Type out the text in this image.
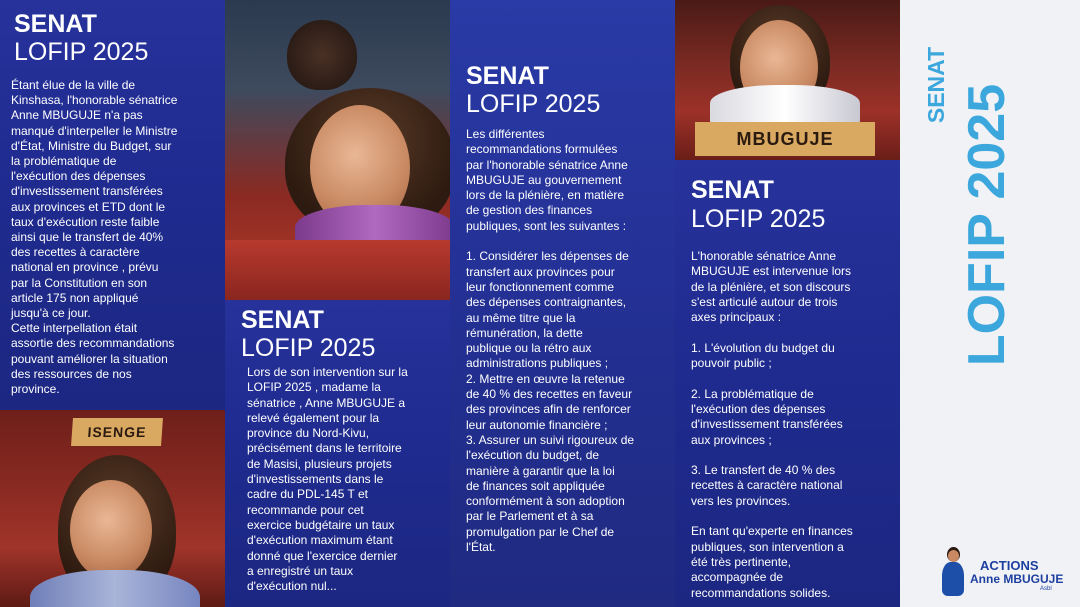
SENAT
LOFIP 2025
Étant élue de la ville de
Kinshasa, l'honorable sénatrice
Anne MBUGUJE n'a pas
manqué d'interpeller le Ministre
d'État, Ministre du Budget, sur
la problématique de
l'exécution des dépenses
d'investissement transférées
aux provinces et ETD dont le
taux d'exécution reste faible
ainsi que le transfert de 40%
des recettes à caractère
national en province , prévu
par la Constitution en son
article 175 non appliqué
jusqu'à ce jour.
Cette interpellation était
assortie des recommandations
pouvant améliorer la situation
des ressources de nos
province.
ISENGE
SENAT
LOFIP 2025
Lors de son intervention sur la
LOFIP 2025 , madame la
sénatrice , Anne MBUGUJE a
relevé également pour la
province du Nord-Kivu,
précisément dans le territoire
de Masisi, plusieurs projets
d'investissements dans le
cadre du PDL-145 T et
recommande pour cet
exercice budgétaire un taux
d'exécution maximum étant
donné que l'exercice dernier
a enregistré un taux
d'exécution nul...
SENAT
LOFIP 2025
Les différentes
recommandations formulées
par l'honorable sénatrice Anne
MBUGUJE au gouvernement
lors de la plénière, en matière
de gestion des finances
publiques, sont les suivantes :

1. Considérer les dépenses de
transfert aux provinces pour
leur fonctionnement comme
des dépenses contraignantes,
au même titre que la
rémunération, la dette
publique ou la rétro aux
administrations publiques ;
2. Mettre en œuvre la retenue
de 40 % des recettes en faveur
des provinces afin de renforcer
leur autonomie financière ;
3. Assurer un suivi rigoureux de
l'exécution du budget, de
manière à garantir que la loi
de finances soit appliquée
conformément à son adoption
par le Parlement et à sa
promulgation par le Chef de
l'État.
MBUGUJE
SENAT
LOFIP 2025
L'honorable sénatrice Anne
MBUGUJE est intervenue lors
de la plénière, et son discours
s'est articulé autour de trois
axes principaux :

1. L'évolution du budget du
pouvoir public ;

2. La problématique de
l'exécution des dépenses
d'investissement transférées
aux provinces ;

3. Le transfert de 40 % des
recettes à caractère national
vers les provinces.

En tant qu'experte en finances
publiques, son intervention a
été très pertinente,
accompagnée de
recommandations solides.
SENAT LOFIP 2025
ACTIONS
Anne MBUGUJE
Asbl
